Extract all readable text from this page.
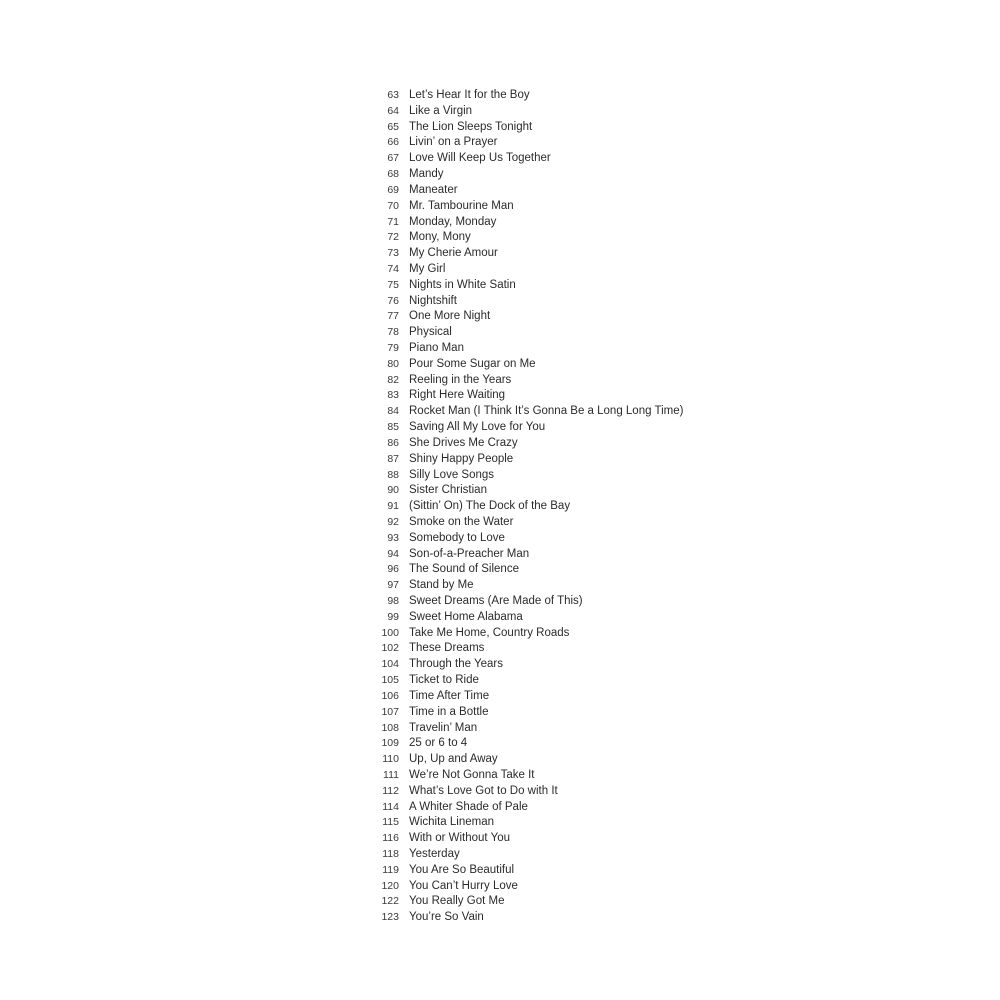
63 Let’s Hear It for the Boy
64 Like a Virgin
65 The Lion Sleeps Tonight
66 Livin’ on a Prayer
67 Love Will Keep Us Together
68 Mandy
69 Maneater
70 Mr. Tambourine Man
71 Monday, Monday
72 Mony, Mony
73 My Cherie Amour
74 My Girl
75 Nights in White Satin
76 Nightshift
77 One More Night
78 Physical
79 Piano Man
80 Pour Some Sugar on Me
82 Reeling in the Years
83 Right Here Waiting
84 Rocket Man (I Think It’s Gonna Be a Long Long Time)
85 Saving All My Love for You
86 She Drives Me Crazy
87 Shiny Happy People
88 Silly Love Songs
90 Sister Christian
91 (Sittin’ On) The Dock of the Bay
92 Smoke on the Water
93 Somebody to Love
94 Son-of-a-Preacher Man
96 The Sound of Silence
97 Stand by Me
98 Sweet Dreams (Are Made of This)
99 Sweet Home Alabama
100 Take Me Home, Country Roads
102 These Dreams
104 Through the Years
105 Ticket to Ride
106 Time After Time
107 Time in a Bottle
108 Travelin’ Man
109 25 or 6 to 4
110 Up, Up and Away
111 We’re Not Gonna Take It
112 What’s Love Got to Do with It
114 A Whiter Shade of Pale
115 Wichita Lineman
116 With or Without You
118 Yesterday
119 You Are So Beautiful
120 You Can’t Hurry Love
122 You Really Got Me
123 You’re So Vain
